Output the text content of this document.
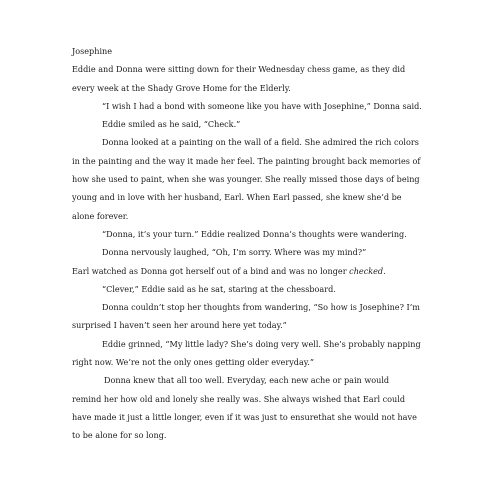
Josephine
Eddie and Donna were sitting down for their Wednesday chess game, as they did
every week at the Shady Grove Home for the Elderly.
“I wish I had a bond with someone like you have with Josephine,” Donna said.
Eddie smiled as he said, “Check.”
Donna looked at a painting on the wall of a field. She admired the rich colors
in the painting and the way it made her feel. The painting brought back memories of
how she used to paint, when she was younger. She really missed those days of being
young and in love with her husband, Earl. When Earl passed, she knew she’d be
alone forever.
“Donna, it’s your turn.” Eddie realized Donna’s thoughts were wandering.
Donna nervously laughed, “Oh, I’m sorry. Where was my mind?”
Earl watched as Donna got herself out of a bind and was no longer checked.
“Clever,” Eddie said as he sat, staring at the chessboard.
Donna couldn’t stop her thoughts from wandering, “So how is Josephine? I’m
surprised I haven’t seen her around here yet today.”
Eddie grinned, “My little lady? She’s doing very well. She’s probably napping
right now. We’re not the only ones getting older everyday.”
Donna knew that all too well. Everyday, each new ache or pain would
remind her how old and lonely she really was. She always wished that Earl could
have made it just a little longer, even if it was just to ensurethat she would not have
to be alone for so long.
